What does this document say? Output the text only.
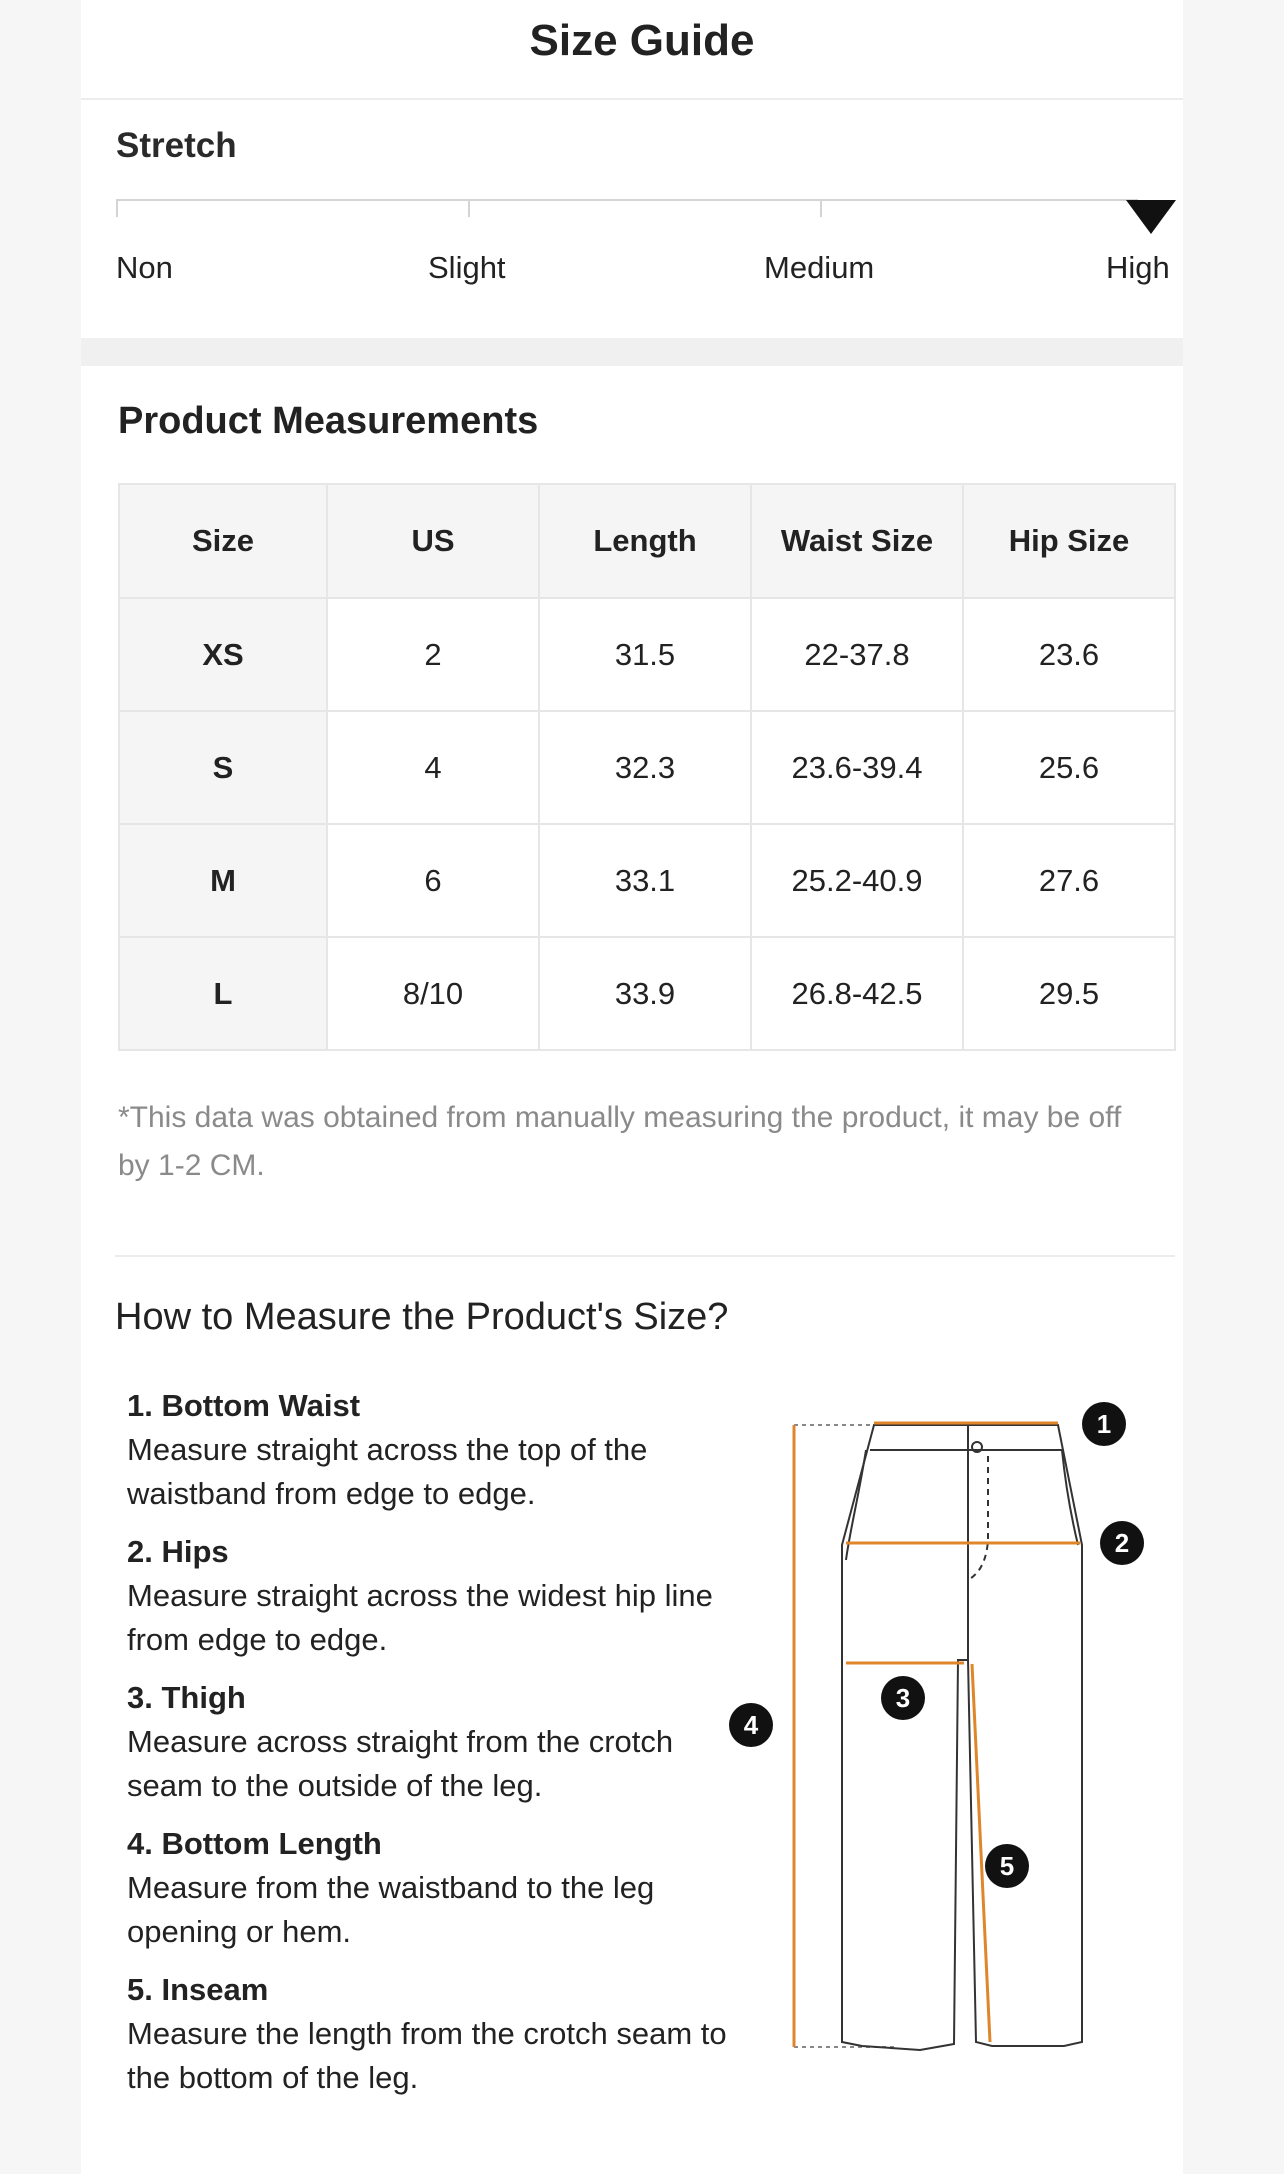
Size Guide
Stretch
Non	Slight	Medium	High
Product Measurements
Size	US	Length	Waist Size	Hip Size
XS	2	31.5	22-37.8	23.6
S	4	32.3	23.6-39.4	25.6
M	6	33.1	25.2-40.9	27.6
L	8/10	33.9	26.8-42.5	29.5
*This data was obtained from manually measuring the product, it may be off by 1-2 CM.
How to Measure the Product's Size?
1. Bottom Waist
Measure straight across the top of the waistband from edge to edge.
2. Hips
Measure straight across the widest hip line from edge to edge.
3. Thigh
Measure across straight from the crotch seam to the outside of the leg.
4. Bottom Length
Measure from the waistband to the leg opening or hem.
5. Inseam
Measure the length from the crotch seam to the bottom of the leg.
1
2
3
4
5
